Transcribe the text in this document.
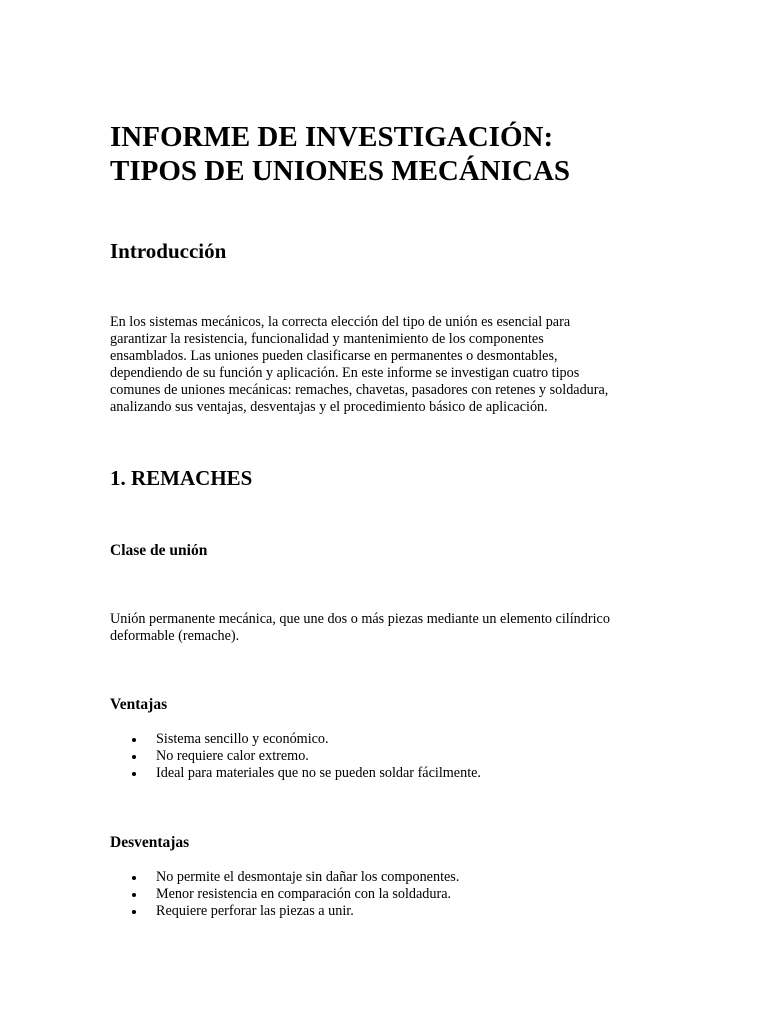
INFORME DE INVESTIGACIÓN:
TIPOS DE UNIONES MECÁNICAS
Introducción
En los sistemas mecánicos, la correcta elección del tipo de unión es esencial para
garantizar la resistencia, funcionalidad y mantenimiento de los componentes
ensamblados. Las uniones pueden clasificarse en permanentes o desmontables,
dependiendo de su función y aplicación. En este informe se investigan cuatro tipos
comunes de uniones mecánicas: remaches, chavetas, pasadores con retenes y soldadura,
analizando sus ventajas, desventajas y el procedimiento básico de aplicación.
1. REMACHES
Clase de unión
Unión permanente mecánica, que une dos o más piezas mediante un elemento cilíndrico
deformable (remache).
Ventajas
Sistema sencillo y económico.
No requiere calor extremo.
Ideal para materiales que no se pueden soldar fácilmente.
Desventajas
No permite el desmontaje sin dañar los componentes.
Menor resistencia en comparación con la soldadura.
Requiere perforar las piezas a unir.
